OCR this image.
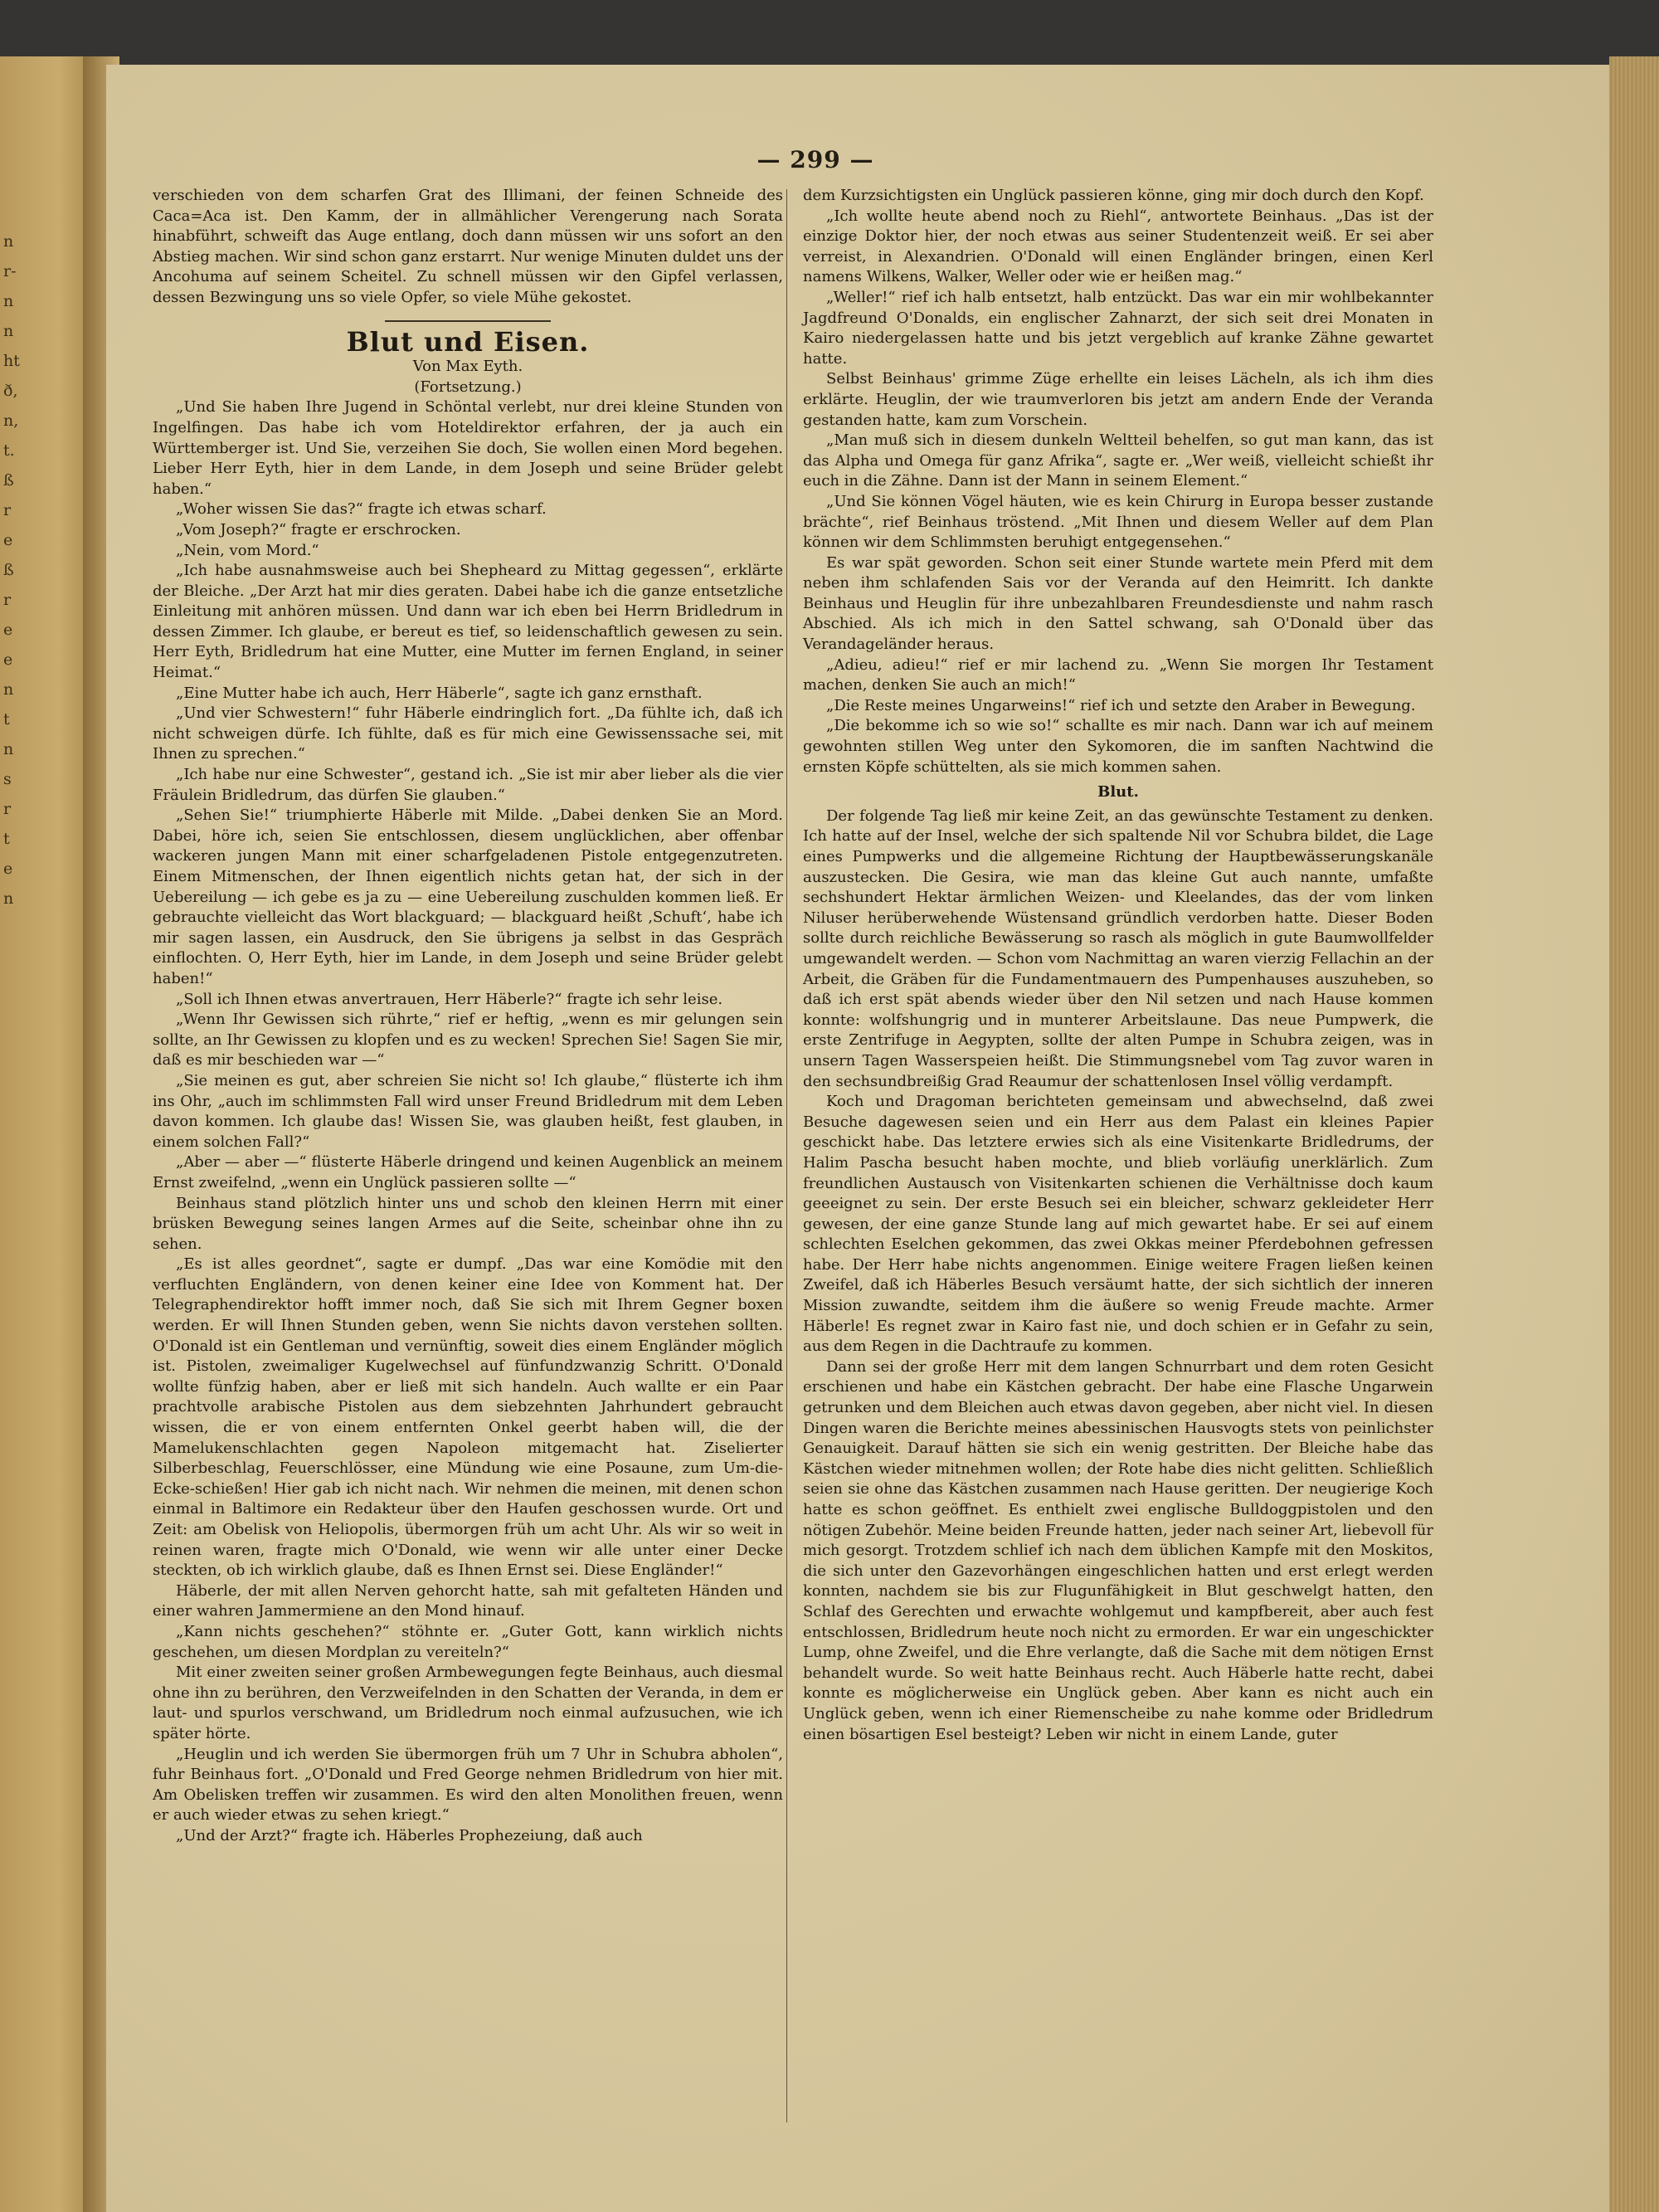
n
r-
n
n
ht
ð,
n,
t.
ß
r
e
ß
r
e
e
n
t
n
s
r
t
e
n
— 299 —

verschieden von dem scharfen Grat des Illimani, der feinen Schneide des Caca=Aca ist. Den Kamm, der in allmählicher Verengerung nach Sorata hinabführt, schweift das Auge entlang, doch dann müssen wir uns sofort an den Abstieg machen. Wir sind schon ganz erstarrt. Nur wenige Minuten duldet uns der Ancohuma auf seinem Scheitel. Zu schnell müssen wir den Gipfel verlassen, dessen Bezwingung uns so viele Opfer, so viele Mühe gekostet.

Blut und Eisen.
Von Max Eyth.
(Fortsetzung.)

„Und Sie haben Ihre Jugend in Schöntal verlebt, nur drei kleine Stunden von Ingelfingen. Das habe ich vom Hoteldirektor erfahren, der ja auch ein Württemberger ist. Und Sie, verzeihen Sie doch, Sie wollen einen Mord begehen. Lieber Herr Eyth, hier in dem Lande, in dem Joseph und seine Brüder gelebt haben.“

„Woher wissen Sie das?“ fragte ich etwas scharf.

„Vom Joseph?“ fragte er erschrocken.

„Nein, vom Mord.“

„Ich habe ausnahmsweise auch bei Shepheard zu Mittag gegessen“, erklärte der Bleiche. „Der Arzt hat mir dies geraten. Dabei habe ich die ganze entsetzliche Einleitung mit anhören müssen. Und dann war ich eben bei Herrn Bridledrum in dessen Zimmer. Ich glaube, er bereut es tief, so leidenschaftlich gewesen zu sein. Herr Eyth, Bridledrum hat eine Mutter, eine Mutter im fernen England, in seiner Heimat.“

„Eine Mutter habe ich auch, Herr Häberle“, sagte ich ganz ernsthaft.

„Und vier Schwestern!“ fuhr Häberle eindringlich fort. „Da fühlte ich, daß ich nicht schweigen dürfe. Ich fühlte, daß es für mich eine Gewissenssache sei, mit Ihnen zu sprechen.“

„Ich habe nur eine Schwester“, gestand ich. „Sie ist mir aber lieber als die vier Fräulein Bridledrum, das dürfen Sie glauben.“

„Sehen Sie!“ triumphierte Häberle mit Milde. „Dabei denken Sie an Mord. Dabei, höre ich, seien Sie entschlossen, diesem unglücklichen, aber offenbar wackeren jungen Mann mit einer scharfgeladenen Pistole entgegenzutreten. Einem Mitmenschen, der Ihnen eigentlich nichts getan hat, der sich in der Uebereilung — ich gebe es ja zu — eine Uebereilung zuschulden kommen ließ. Er gebrauchte vielleicht das Wort blackguard; — blackguard heißt ‚Schuft‘, habe ich mir sagen lassen, ein Ausdruck, den Sie übrigens ja selbst in das Gespräch einflochten. O, Herr Eyth, hier im Lande, in dem Joseph und seine Brüder gelebt haben!“

„Soll ich Ihnen etwas anvertrauen, Herr Häberle?“ fragte ich sehr leise.

„Wenn Ihr Gewissen sich rührte,“ rief er heftig, „wenn es mir gelungen sein sollte, an Ihr Gewissen zu klopfen und es zu wecken! Sprechen Sie! Sagen Sie mir, daß es mir beschieden war —“

„Sie meinen es gut, aber schreien Sie nicht so! Ich glaube,“ flüsterte ich ihm ins Ohr, „auch im schlimmsten Fall wird unser Freund Bridledrum mit dem Leben davon kommen. Ich glaube das! Wissen Sie, was glauben heißt, fest glauben, in einem solchen Fall?“

„Aber — aber —“ flüsterte Häberle dringend und keinen Augenblick an meinem Ernst zweifelnd, „wenn ein Unglück passieren sollte —“

Beinhaus stand plötzlich hinter uns und schob den kleinen Herrn mit einer brüsken Bewegung seines langen Armes auf die Seite, scheinbar ohne ihn zu sehen.

„Es ist alles geordnet“, sagte er dumpf. „Das war eine Komödie mit den verfluchten Engländern, von denen keiner eine Idee von Komment hat. Der Telegraphendirektor hofft immer noch, daß Sie sich mit Ihrem Gegner boxen werden. Er will Ihnen Stunden geben, wenn Sie nichts davon verstehen sollten. O'Donald ist ein Gentleman und vernünftig, soweit dies einem Engländer möglich ist. Pistolen, zweimaliger Kugelwechsel auf fünfundzwanzig Schritt. O'Donald wollte fünfzig haben, aber er ließ mit sich handeln. Auch wallte er ein Paar prachtvolle arabische Pistolen aus dem siebzehnten Jahrhundert gebraucht wissen, die er von einem entfernten Onkel geerbt haben will, die der Mamelukenschlachten gegen Napoleon mitgemacht hat. Ziselierter Silberbeschlag, Feuerschlösser, eine Mündung wie eine Posaune, zum Um-die-Ecke-schießen! Hier gab ich nicht nach. Wir nehmen die meinen, mit denen schon einmal in Baltimore ein Redakteur über den Haufen geschossen wurde. Ort und Zeit: am Obelisk von Heliopolis, übermorgen früh um acht Uhr. Als wir so weit in reinen waren, fragte mich O'Donald, wie wenn wir alle unter einer Decke steckten, ob ich wirklich glaube, daß es Ihnen Ernst sei. Diese Engländer!“

Häberle, der mit allen Nerven gehorcht hatte, sah mit gefalteten Händen und einer wahren Jammermiene an den Mond hinauf.

„Kann nichts geschehen?“ stöhnte er. „Guter Gott, kann wirklich nichts geschehen, um diesen Mordplan zu vereiteln?“

Mit einer zweiten seiner großen Armbewegungen fegte Beinhaus, auch diesmal ohne ihn zu berühren, den Verzweifelnden in den Schatten der Veranda, in dem er laut- und spurlos verschwand, um Bridledrum noch einmal aufzusuchen, wie ich später hörte.

„Heuglin und ich werden Sie übermorgen früh um 7 Uhr in Schubra abholen“, fuhr Beinhaus fort. „O'Donald und Fred George nehmen Bridledrum von hier mit. Am Obelisken treffen wir zusammen. Es wird den alten Monolithen freuen, wenn er auch wieder etwas zu sehen kriegt.“

„Und der Arzt?“ fragte ich. Häberles Prophezeiung, daß auch

dem Kurzsichtigsten ein Unglück passieren könne, ging mir doch durch den Kopf.

„Ich wollte heute abend noch zu Riehl“, antwortete Beinhaus. „Das ist der einzige Doktor hier, der noch etwas aus seiner Studentenzeit weiß. Er sei aber verreist, in Alexandrien. O'Donald will einen Engländer bringen, einen Kerl namens Wilkens, Walker, Weller oder wie er heißen mag.“

„Weller!“ rief ich halb entsetzt, halb entzückt. Das war ein mir wohlbekannter Jagdfreund O'Donalds, ein englischer Zahnarzt, der sich seit drei Monaten in Kairo niedergelassen hatte und bis jetzt vergeblich auf kranke Zähne gewartet hatte.

Selbst Beinhaus' grimme Züge erhellte ein leises Lächeln, als ich ihm dies erklärte. Heuglin, der wie traumverloren bis jetzt am andern Ende der Veranda gestanden hatte, kam zum Vorschein.

„Man muß sich in diesem dunkeln Weltteil behelfen, so gut man kann, das ist das Alpha und Omega für ganz Afrika“, sagte er. „Wer weiß, vielleicht schießt ihr euch in die Zähne. Dann ist der Mann in seinem Element.“

„Und Sie können Vögel häuten, wie es kein Chirurg in Europa besser zustande brächte“, rief Beinhaus tröstend. „Mit Ihnen und diesem Weller auf dem Plan können wir dem Schlimmsten beruhigt entgegensehen.“

Es war spät geworden. Schon seit einer Stunde wartete mein Pferd mit dem neben ihm schlafenden Sais vor der Veranda auf den Heimritt. Ich dankte Beinhaus und Heuglin für ihre unbezahlbaren Freundesdienste und nahm rasch Abschied. Als ich mich in den Sattel schwang, sah O'Donald über das Verandageländer heraus.

„Adieu, adieu!“ rief er mir lachend zu. „Wenn Sie morgen Ihr Testament machen, denken Sie auch an mich!“

„Die Reste meines Ungarweins!“ rief ich und setzte den Araber in Bewegung.

„Die bekomme ich so wie so!“ schallte es mir nach. Dann war ich auf meinem gewohnten stillen Weg unter den Sykomoren, die im sanften Nachtwind die ernsten Köpfe schüttelten, als sie mich kommen sahen.

Blut.

Der folgende Tag ließ mir keine Zeit, an das gewünschte Testament zu denken. Ich hatte auf der Insel, welche der sich spaltende Nil vor Schubra bildet, die Lage eines Pumpwerks und die allgemeine Richtung der Hauptbewässerungskanäle auszustecken. Die Gesira, wie man das kleine Gut auch nannte, umfaßte sechshundert Hektar ärmlichen Weizen- und Kleelandes, das der vom linken Niluser herüberwehende Wüstensand gründlich verdorben hatte. Dieser Boden sollte durch reichliche Bewässerung so rasch als möglich in gute Baumwollfelder umgewandelt werden. — Schon vom Nachmittag an waren vierzig Fellachin an der Arbeit, die Gräben für die Fundamentmauern des Pumpenhauses auszuheben, so daß ich erst spät abends wieder über den Nil setzen und nach Hause kommen konnte: wolfshungrig und in munterer Arbeitslaune. Das neue Pumpwerk, die erste Zentrifuge in Aegypten, sollte der alten Pumpe in Schubra zeigen, was in unsern Tagen Wasserspeien heißt. Die Stimmungsnebel vom Tag zuvor waren in den sechsundbreißig Grad Reaumur der schattenlosen Insel völlig verdampft.

Koch und Dragoman berichteten gemeinsam und abwechselnd, daß zwei Besuche dagewesen seien und ein Herr aus dem Palast ein kleines Papier geschickt habe. Das letztere erwies sich als eine Visitenkarte Bridledrums, der Halim Pascha besucht haben mochte, und blieb vorläufig unerklärlich. Zum freundlichen Austausch von Visitenkarten schienen die Verhältnisse doch kaum geeeignet zu sein. Der erste Besuch sei ein bleicher, schwarz gekleideter Herr gewesen, der eine ganze Stunde lang auf mich gewartet habe. Er sei auf einem schlechten Eselchen gekommen, das zwei Okkas meiner Pferdebohnen gefressen habe. Der Herr habe nichts angenommen. Einige weitere Fragen ließen keinen Zweifel, daß ich Häberles Besuch versäumt hatte, der sich sichtlich der inneren Mission zuwandte, seitdem ihm die äußere so wenig Freude machte. Armer Häberle! Es regnet zwar in Kairo fast nie, und doch schien er in Gefahr zu sein, aus dem Regen in die Dachtraufe zu kommen.

Dann sei der große Herr mit dem langen Schnurrbart und dem roten Gesicht erschienen und habe ein Kästchen gebracht. Der habe eine Flasche Ungarwein getrunken und dem Bleichen auch etwas davon gegeben, aber nicht viel. In diesen Dingen waren die Berichte meines abessinischen Hausvogts stets von peinlichster Genauigkeit. Darauf hätten sie sich ein wenig gestritten. Der Bleiche habe das Kästchen wieder mitnehmen wollen; der Rote habe dies nicht gelitten. Schließlich seien sie ohne das Kästchen zusammen nach Hause geritten. Der neugierige Koch hatte es schon geöffnet. Es enthielt zwei englische Bulldoggpistolen und den nötigen Zubehör. Meine beiden Freunde hatten, jeder nach seiner Art, liebevoll für mich gesorgt. Trotzdem schlief ich nach dem üblichen Kampfe mit den Moskitos, die sich unter den Gazevorhängen eingeschlichen hatten und erst erlegt werden konnten, nachdem sie bis zur Flugunfähigkeit in Blut geschwelgt hatten, den Schlaf des Gerechten und erwachte wohlgemut und kampfbereit, aber auch fest entschlossen, Bridledrum heute noch nicht zu ermorden. Er war ein ungeschickter Lump, ohne Zweifel, und die Ehre verlangte, daß die Sache mit dem nötigen Ernst behandelt wurde. So weit hatte Beinhaus recht. Auch Häberle hatte recht, dabei konnte es möglicherweise ein Unglück geben. Aber kann es nicht auch ein Unglück geben, wenn ich einer Riemenscheibe zu nahe komme oder Bridledrum einen bösartigen Esel besteigt? Leben wir nicht in einem Lande, guter
